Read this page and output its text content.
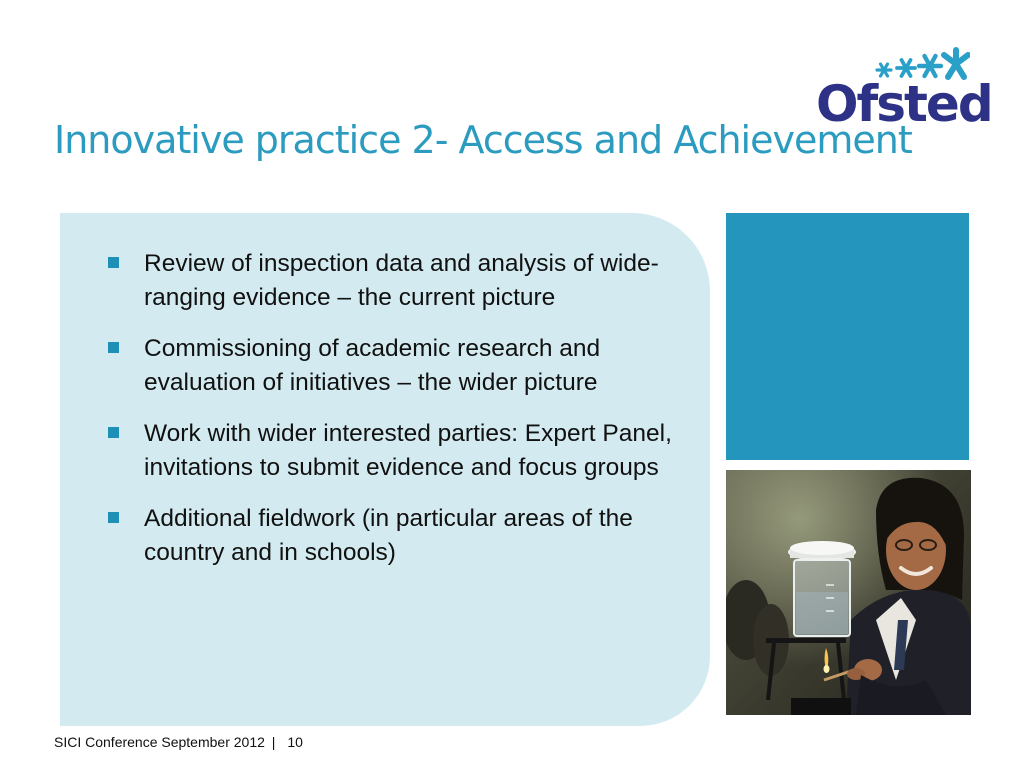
Ofsted
Innovative practice 2- Access and Achievement
Review of inspection data and analysis of wide-ranging evidence – the current picture
Commissioning of academic research and evaluation of initiatives – the wider picture
Work with wider interested parties: Expert Panel, invitations to submit evidence and focus groups
Additional fieldwork (in particular areas of the country and in schools)
SICI Conference September 2012 | 10
